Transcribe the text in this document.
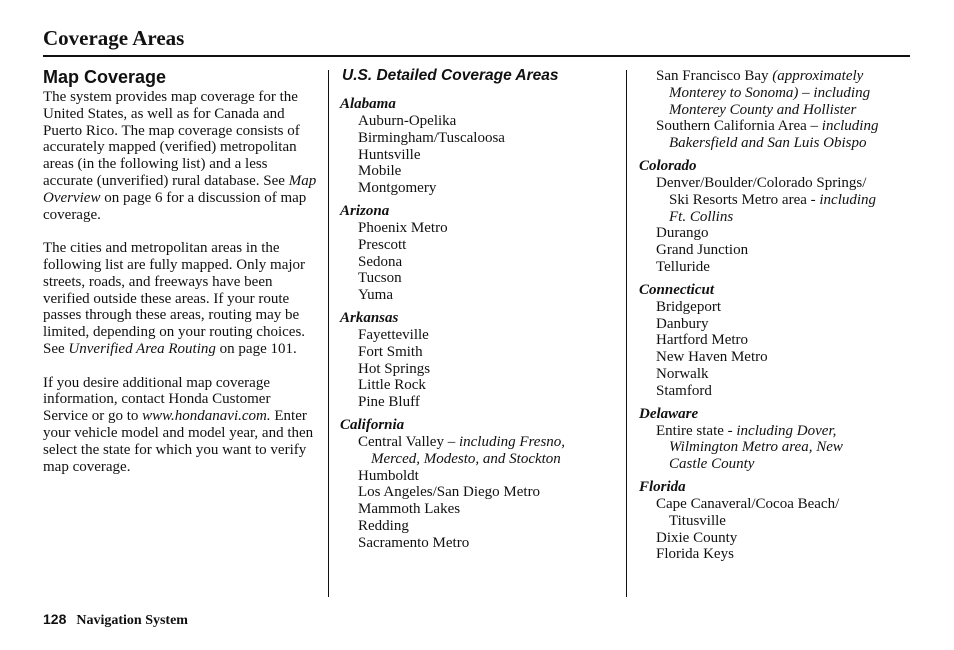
Coverage Areas
Map Coverage

The system provides map coverage for the United States, as well as for Canada and Puerto Rico. The map coverage consists of accurately mapped (verified) metropolitan areas (in the following list) and a less accurate (unverified) rural database. See Map Overview on page 6 for a discussion of map coverage.

The cities and metropolitan areas in the following list are fully mapped. Only major streets, roads, and freeways have been verified outside these areas. If your route passes through these areas, routing may be limited, depending on your routing choices. See Unverified Area Routing on page 101.

If you desire additional map coverage information, contact Honda Customer Service or go to www.hondanavi.com. Enter your vehicle model and model year, and then select the state for which you want to verify map coverage.

U.S. Detailed Coverage Areas
Alabama
Auburn-Opelika
Birmingham/Tuscaloosa
Huntsville
Mobile
Montgomery
Arizona
Phoenix Metro
Prescott
Sedona
Tucson
Yuma
Arkansas
Fayetteville
Fort Smith
Hot Springs
Little Rock
Pine Bluff
California
Central Valley – including Fresno,
Merced, Modesto, and Stockton
Humboldt
Los Angeles/San Diego Metro
Mammoth Lakes
Redding
Sacramento Metro
San Francisco Bay (approximately
Monterey to Sonoma) – including
Monterey County and Hollister
Southern California Area – including
Bakersfield and San Luis Obispo
Colorado
Denver/Boulder/Colorado Springs/
Ski Resorts Metro area - including
Ft. Collins
Durango
Grand Junction
Telluride
Connecticut
Bridgeport
Danbury
Hartford Metro
New Haven Metro
Norwalk
Stamford
Delaware
Entire state - including Dover,
Wilmington Metro area, New
Castle County
Florida
Cape Canaveral/Cocoa Beach/
Titusville
Dixie County
Florida Keys
128 Navigation System
